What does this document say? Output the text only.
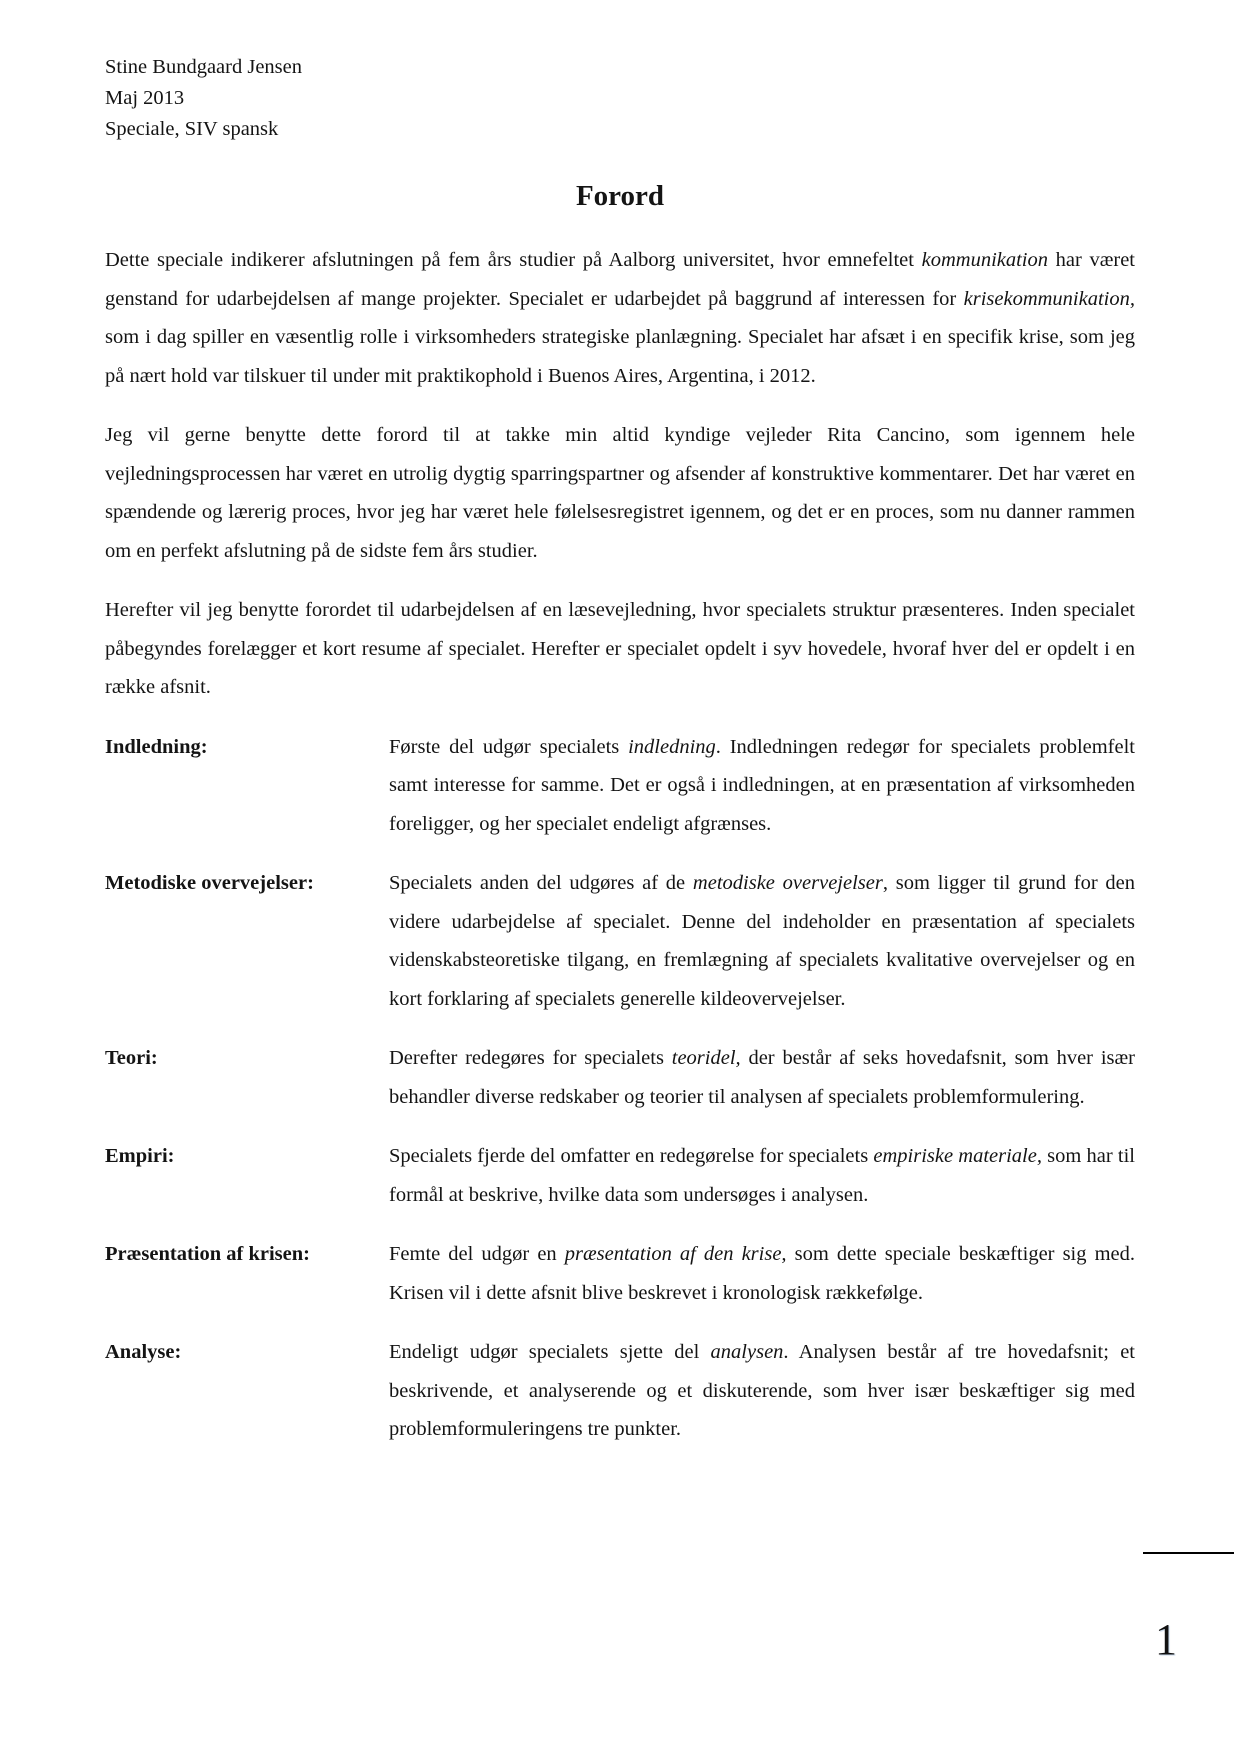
Stine Bundgaard Jensen
Maj 2013
Speciale, SIV spansk
Forord

Dette speciale indikerer afslutningen på fem års studier på Aalborg universitet, hvor emnefeltet kommunikation har været genstand for udarbejdelsen af mange projekter. Specialet er udarbejdet på baggrund af interessen for krisekommunikation, som i dag spiller en væsentlig rolle i virksomheders strategiske planlægning. Specialet har afsæt i en specifik krise, som jeg på nært hold var tilskuer til under mit praktikophold i Buenos Aires, Argentina, i 2012.

Jeg vil gerne benytte dette forord til at takke min altid kyndige vejleder Rita Cancino, som igennem hele vejledningsprocessen har været en utrolig dygtig sparringspartner og afsender af konstruktive kommentarer. Det har været en spændende og lærerig proces, hvor jeg har været hele følelsesregistret igennem, og det er en proces, som nu danner rammen om en perfekt afslutning på de sidste fem års studier.

Herefter vil jeg benytte forordet til udarbejdelsen af en læsevejledning, hvor specialets struktur præsenteres. Inden specialet påbegyndes forelægger et kort resume af specialet. Herefter er specialet opdelt i syv hovedele, hvoraf hver del er opdelt i en række afsnit.

Indledning:	Første del udgør specialets indledning. Indledningen redegør for specialets problemfelt samt interesse for samme. Det er også i indledningen, at en præsentation af virksomheden foreligger, og her specialet endeligt afgrænses.
Metodiske overvejelser:	Specialets anden del udgøres af de metodiske overvejelser, som ligger til grund for den videre udarbejdelse af specialet. Denne del indeholder en præsentation af specialets videnskabsteoretiske tilgang, en fremlægning af specialets kvalitative overvejelser og en kort forklaring af specialets generelle kildeovervejelser.
Teori:	Derefter redegøres for specialets teoridel, der består af seks hovedafsnit, som hver især behandler diverse redskaber og teorier til analysen af specialets problemformulering.
Empiri:	Specialets fjerde del omfatter en redegørelse for specialets empiriske materiale, som har til formål at beskrive, hvilke data som undersøges i analysen.
Præsentation af krisen:	Femte del udgør en præsentation af den krise, som dette speciale beskæftiger sig med. Krisen vil i dette afsnit blive beskrevet i kronologisk rækkefølge.
Analyse:	Endeligt udgør specialets sjette del analysen. Analysen består af tre hovedafsnit; et beskrivende, et analyserende og et diskuterende, som hver især beskæftiger sig med problemformuleringens tre punkter.
1
